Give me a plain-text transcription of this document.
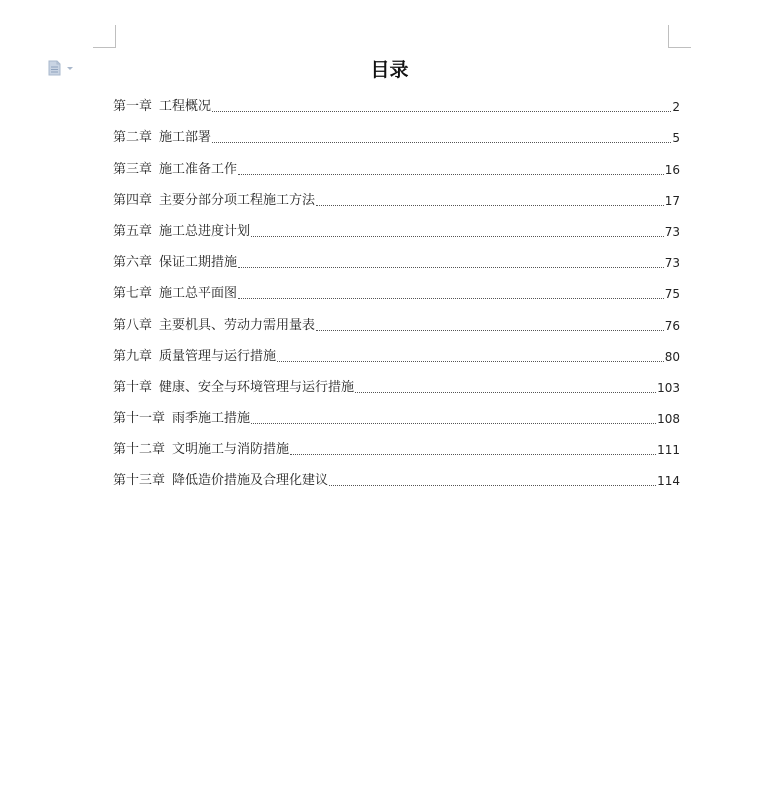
目录
第一章 工程概况	2
第二章 施工部署	5
第三章 施工准备工作	16
第四章 主要分部分项工程施工方法	17
第五章 施工总进度计划	73
第六章 保证工期措施	73
第七章 施工总平面图	75
第八章 主要机具、劳动力需用量表	76
第九章 质量管理与运行措施	80
第十章 健康、安全与环境管理与运行措施	103
第十一章 雨季施工措施	108
第十二章 文明施工与消防措施	111
第十三章 降低造价措施及合理化建议	114
